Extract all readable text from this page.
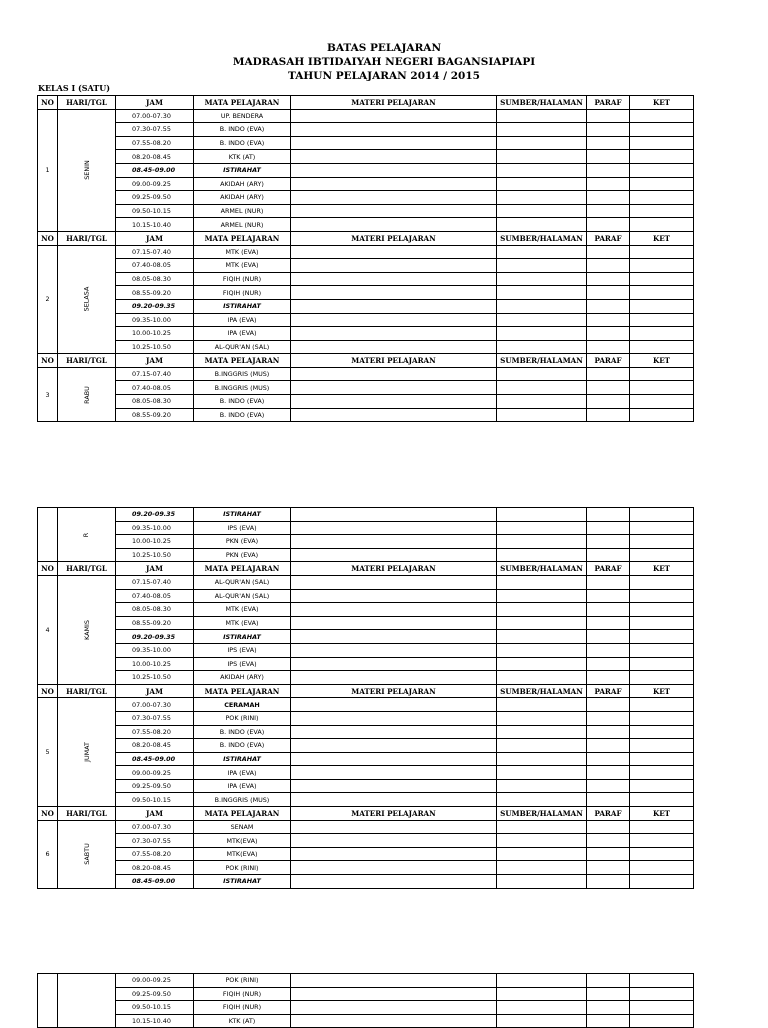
BATAS PELAJARAN
MADRASAH IBTIDAIYAH NEGERI BAGANSIAPIAPI
TAHUN PELAJARAN 2014 / 2015
KELAS I (SATU)
NO	HARI/TGL	JAM	MATA PELAJARAN	MATERI PELAJARAN	SUMBER/HALAMAN	PARAF	KET
1	SENIN	07.00-07.30	UP. BENDERA				
		07.30-07.55	B. INDO (EVA)				
		07.55-08.20	B. INDO (EVA)				
		08.20-08.45	KTK (AT)				
		08.45-09.00	ISTIRAHAT				
		09.00-09.25	AKIDAH (ARY)				
		09.25-09.50	AKIDAH (ARY)				
		09.50-10.15	ARMEL (NUR)				
		10.15-10.40	ARMEL (NUR)				
NO	HARI/TGL	JAM	MATA PELAJARAN	MATERI PELAJARAN	SUMBER/HALAMAN	PARAF	KET
2	SELASA	07.15-07.40	MTK (EVA)				
		07.40-08.05	MTK (EVA)				
		08.05-08.30	FIQIH (NUR)				
		08.55-09.20	FIQIH (NUR)				
		09.20-09.35	ISTIRAHAT				
		09.35-10.00	IPA (EVA)				
		10.00-10.25	IPA (EVA)				
		10.25-10.50	AL-QUR'AN (SAL)				
NO	HARI/TGL	JAM	MATA PELAJARAN	MATERI PELAJARAN	SUMBER/HALAMAN	PARAF	KET
3	RABU	07.15-07.40	B.INGGRIS (MUS)				
		07.40-08.05	B.INGGRIS (MUS)				
		08.05-08.30	B. INDO (EVA)				
		08.55-09.20	B. INDO (EVA)				
	R	09.20-09.35	ISTIRAHAT				
		09.35-10.00	IPS (EVA)				
		10.00-10.25	PKN (EVA)				
		10.25-10.50	PKN (EVA)				
NO	HARI/TGL	JAM	MATA PELAJARAN	MATERI PELAJARAN	SUMBER/HALAMAN	PARAF	KET
4	KAMIS	07.15-07.40	AL-QUR'AN (SAL)				
		07.40-08.05	AL-QUR'AN (SAL)				
		08.05-08.30	MTK (EVA)				
		08.55-09.20	MTK (EVA)				
		09.20-09.35	ISTIRAHAT				
		09.35-10.00	IPS (EVA)				
		10.00-10.25	IPS (EVA)				
		10.25-10.50	AKIDAH (ARY)				
NO	HARI/TGL	JAM	MATA PELAJARAN	MATERI PELAJARAN	SUMBER/HALAMAN	PARAF	KET
5	JUMAT	07.00-07.30	CERAMAH				
		07.30-07.55	POK (RINI)				
		07.55-08.20	B. INDO (EVA)				
		08.20-08.45	B. INDO (EVA)				
		08.45-09.00	ISTIRAHAT				
		09.00-09.25	IPA (EVA)				
		09.25-09.50	IPA (EVA)				
		09.50-10.15	B.INGGRIS (MUS)				
NO	HARI/TGL	JAM	MATA PELAJARAN	MATERI PELAJARAN	SUMBER/HALAMAN	PARAF	KET
6	SABTU	07.00-07.30	SENAM				
		07.30-07.55	MTK(EVA)				
		07.55-08.20	MTK(EVA)				
		08.20-08.45	POK (RINI)				
		08.45-09.00	ISTIRAHAT				
		09.00-09.25	POK (RINI)				
		09.25-09.50	FIQIH (NUR)				
		09.50-10.15	FIQIH (NUR)				
		10.15-10.40	KTK (AT)				
